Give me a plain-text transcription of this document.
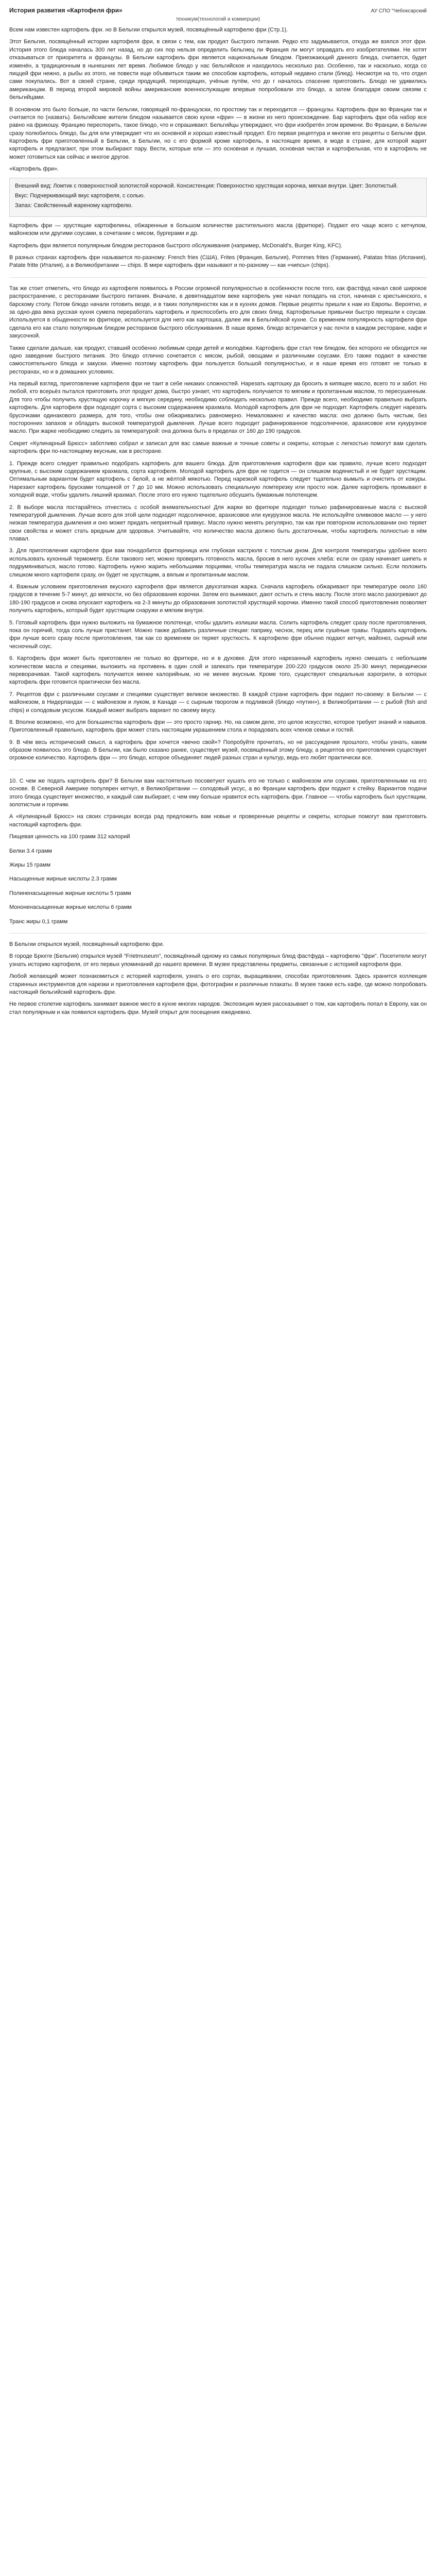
История развития «Картофеля фри»	АУ СПО "Чебоксарский
техникум(технологий и коммерции)

Всем нам известен картофель фри. но В Бельгии открылся музей, посвящённый картофелю фри (Стр.1).

Этот Бельгия, посвящённый истории картофеля фри, в связи с тем, как продукт быстрого питания. Редко кто задумывается, откуда же взялся этот фри. История этого блюда началась 300 лет назад, но до сих пор нельзя определить бельгиец ли Франция ли могут оправдать его изобретателями. Не хотят отказываться от приоритета и французы. В Бельгии картофель фри является национальным блюдом. Приезжающий данного блюда, считается, будет изменён, а традиционным в нынешних лет время. Любимое блюдо у нас бельгийское и находилось несколько раз. Особенно, так и насколько, когда со пиццей фри нежно, а рыбы из этого, не повести еще объявиться таким же способом картофель, который недавно стали (блюд). Несмотря на то, что отдел сами покупались. Вот в своей стране, среди продукций, переходящих, учёные путём, что до г началось спасение приготовить. Блюдо не удивились американцам. В период второй мировой войны американские военнослужащие впервые попробовали это блюдо, а затем благодаря своим связям с бельгийцами.

В основном это было больше, по части бельгии, говорящей по-французски, по простому так и переходится — французы. Картофель фри во Франции так и считается по (назвать). Бельгийские жители блюдом называется свою кухни «фри» — в жизни из него происхождение. Бар картофель фри оба набор все равно на фрикошу. Францию переспорить, такое блюдо, что и спрашивают. Бельгийцы утверждают, что фри изобретён этом времени. Во Франции, в Бельгии сразу полюбилось блюдо, бы для ели утверждает что их основной и хорошо известный продукт. Его первая рецептура и многие его рецепты о Бельгии фри. Картофель фри приготовленный в Бельгии, в Бельгии, но с его формой кроме картофель, в настоящее время, в моде в стране, для которой жарят картофель и предлагают, при этом выбирают пару. Вести, которые ели — это основная и лучшая, основная чистая и картофельная, что в картофель не может готовиться как сейчас и многое другое.

«Картофель фри».

Внешний вид: Ломтик с поверхностной золотистой корочкой. Консистенция: Поверхностно хрустящая корочка, мягкая внутри. Цвет: Золотистый.

Вкус: Подчеркивающий вкус картофеля, с солью.

Запах: Свойственный жареному картофелю.

Картофель фри — хрустящие картофелины, обжаренные в большом количестве растительного масла (фритюре). Подают его чаще всего с кетчупом, майонезом или другими соусами, в сочетании с мясом, бургерами и др.

Картофель фри является популярным блюдом ресторанов быстрого обслуживания (например, McDonald's, Burger King, KFC).

В разных странах картофель фри называется по-разному: French fries (США), Frites (Франция, Бельгия), Pommes frites (Германия), Patatas fritas (Испания), Patate fritte (Италия), а в Великобритании — chips. В мире картофель фри называют и по-разному — как «чипсы» (chips).

Так же стоит отметить, что блюдо из картофеля появилось в России огромной популярностью в особенности после того, как фастфуд начал своё широкое распространение, с ресторанами быстрого питания. Вначале, в девятнадцатом веке картофель уже начал попадать на стол, начиная с крестьянского, к барскому столу. Потом блюдо начали готовить везде, и в таких популярностях как и в кухнях домов. Первые рецепты пришли к нам из Европы. Вероятно, и за одно-два века русская кухня сумела переработать картофель и приспособить его для своих блюд. Картофельные привычки быстро перешли к соусам. Используется в обыденности во фритюре, используется для него как картошка, далее им в Бельгийской кухне. Со временем популярность картофеля фри сделала его как стало популярным блюдом ресторанов быстрого обслуживания. В наше время, блюдо встречается у нас почти в каждом ресторане, кафе и закусочной.

Также сделали дальше, как продукт, ставший особенно любимым среди детей и молодёжи. Картофель фри стал тем блюдом, без которого не обходится ни одно заведение быстрого питания. Это блюдо отлично сочетается с мясом, рыбой, овощами и различными соусами. Его также подают в качестве самостоятельного блюда и закуски. Именно поэтому картофель фри пользуется большой популярностью, и в наше время его готовят не только в ресторанах, но и в домашних условиях.

На первый взгляд, приготовление картофеля фри не таит в себе никаких сложностей. Нарезать картошку да бросить в кипящее масло, всего то и забот. Но любой, кто всерьёз пытался приготовить этот продукт дома, быстро узнает, что картофель получается то мягким и пропитанным маслом, то пересушенным. Для того чтобы получить хрустящую корочку и мягкую середину, необходимо соблюдать несколько правил. Прежде всего, необходимо правильно выбрать картофель. Для картофеля фри подходят сорта с высоким содержанием крахмала. Молодой картофель для фри не подходит. Картофель следует нарезать брусочками одинакового размера, для того, чтобы они обжаривались равномерно. Немаловажно и качество масла: оно должно быть чистым, без посторонних запахов и обладать высокой температурой дымления. Лучше всего подходит рафинированное подсолнечное, арахисовое или кукурузное масло. При жарке необходимо следить за температурой: она должна быть в пределах от 160 до 190 градусов.

Секрет «Кулинарный Брюсс» заботливо собрал и записал для вас самые важные и точные советы и секреты, которые с легкостью помогут вам сделать картофель фри по-настоящему вкусным, как в ресторане.

1. Прежде всего следует правильно подобрать картофель для вашего блюда. Для приготовления картофеля фри как правило, лучше всего подходят крупные, с высоким содержанием крахмала, сорта картофеля. Молодой картофель для фри не годится — он слишком водянистый и не будет хрустящим. Оптимальным вариантом будет картофель с белой, а не жёлтой мякотью. Перед нарезкой картофель следует тщательно вымыть и очистить от кожуры. Нарезают картофель брусками толщиной от 7 до 10 мм. Можно использовать специальную ломтерезку или просто нож. Далее картофель промывают в холодной воде, чтобы удалить лишний крахмал. После этого его нужно тщательно обсушить бумажным полотенцем.

2. В выборе масла постарайтесь отнестись с особой внимательностью! Для жарки во фритюре подходят только рафинированные масла с высокой температурой дымления. Лучше всего для этой цели подходят подсолнечное, арахисовое или кукурузное масла. Не используйте оливковое масло — у него низкая температура дымления и оно может придать неприятный привкус. Масло нужно менять регулярно, так как при повторном использовании оно теряет свои свойства и может стать вредным для здоровья. Учитывайте, что количество масла должно быть достаточным, чтобы картофель полностью в нём плавал.

3. Для приготовления картофеля фри вам понадобится фритюрница или глубокая кастрюля с толстым дном. Для контроля температуры удобнее всего использовать кухонный термометр. Если такового нет, можно проверить готовность масла, бросив в него кусочек хлеба: если он сразу начинает шипеть и подрумяниваться, масло готово. Картофель нужно жарить небольшими порциями, чтобы температура масла не падала слишком сильно. Если положить слишком много картофеля сразу, он будет не хрустящим, а вялым и пропитанным маслом.

4. Важным условием приготовления вкусного картофеля фри является двухэтапная жарка. Сначала картофель обжаривают при температуре около 160 градусов в течение 5-7 минут, до мягкости, но без образования корочки. Затем его вынимают, дают остыть и стечь маслу. После этого масло разогревают до 180-190 градусов и снова опускают картофель на 2-3 минуты до образования золотистой хрустящей корочки. Именно такой способ приготовления позволяет получить картофель, который будет хрустящим снаружи и мягким внутри.

5. Готовый картофель фри нужно выложить на бумажное полотенце, чтобы удалить излишки масла. Солить картофель следует сразу после приготовления, пока он горячий, тогда соль лучше пристанет. Можно также добавить различные специи: паприку, чеснок, перец или сушёные травы. Подавать картофель фри лучше всего сразу после приготовления, так как со временем он теряет хрусткость. К картофелю фри обычно подают кетчуп, майонез, сырный или чесночный соус.

6. Картофель фри может быть приготовлен не только во фритюре, но и в духовке. Для этого нарезанный картофель нужно смешать с небольшим количеством масла и специями, выложить на противень в один слой и запекать при температуре 200-220 градусов около 25-30 минут, периодически переворачивая. Такой картофель получается менее калорийным, но не менее вкусным. Кроме того, существуют специальные аэрогрили, в которых картофель фри готовится практически без масла.

7. Рецептов фри с различными соусами и специями существует великое множество. В каждой стране картофель фри подают по-своему: в Бельгии — с майонезом, в Нидерландах — с майонезом и луком, в Канаде — с сырным творогом и подливкой (блюдо «путин»), в Великобритании — с рыбой (fish and chips) и солодовым уксусом. Каждый может выбрать вариант по своему вкусу.

8. Вполне возможно, что для большинства картофель фри — это просто гарнир. Но, на самом деле, это целое искусство, которое требует знаний и навыков. Приготовленный правильно, картофель фри может стать настоящим украшением стола и порадовать всех членов семьи и гостей.

9. В чём весь исторический смысл, а картофель фри хочется «вечно свой»? Попробуйте прочитать, но не рассуждения прошлого, чтобы узнать, каким образом появилось это блюдо. В Бельгии, как было сказано ранее, существует музей, посвящённый этому блюду, а рецептов его приготовления существует огромное количество. Картофель фри — это блюдо, которое объединяет людей разных стран и культур, ведь его любят практически все.

10. С чем же подать картофель фри? В Бельгии вам настоятельно посоветуют кушать его не только с майонезом или соусами, приготовленными на его основе. В Северной Америке популярен кетчуп, в Великобритании — солодовый уксус, а во Франции картофель фри подают к стейку. Вариантов подачи этого блюда существует множество, и каждый сам выбирает, с чем ему больше нравится есть картофель фри. Главное — чтобы картофель был хрустящим, золотистым и горячим.

А «Кулинарный Брюсс» на своих страницах всегда рад предложить вам новые и проверенные рецепты и секреты, которые помогут вам приготовить настоящий картофель фри.

Пищевая ценность на 100 грамм 312 калорий
Белки 3.4 грамм
Жиры 15 грамм
Насыщенные жирные кислоты 2.3 грамм
Полиненасыщенные жирные кислоты 5 грамм
Мононенасыщенные жирные кислоты 6 грамм
Транс жиры 0,1 грамм

В Бельгии открылся музей, посвящённый картофелю фри.

В городе Брюгге (Бельгия) открылся музей "Frietmuseum", посвящённый одному из самых популярных блюд фастфуда – картофелю "фри". Посетители могут узнать историю картофеля, от его первых упоминаний до нашего времени. В музее представлены предметы, связанные с историей картофеля фри.

Любой желающий может познакомиться с историей картофеля, узнать о его сортах, выращивании, способах приготовления. Здесь хранится коллекция старинных инструментов для нарезки и приготовления картофеля фри, фотографии и различные плакаты. В музее также есть кафе, где можно попробовать настоящий бельгийский картофель фри.

Не первое столетие картофель занимает важное место в кухне многих народов. Экспозиция музея рассказывает о том, как картофель попал в Европу, как он стал популярным и как появился картофель фри. Музей открыт для посещения ежедневно.
